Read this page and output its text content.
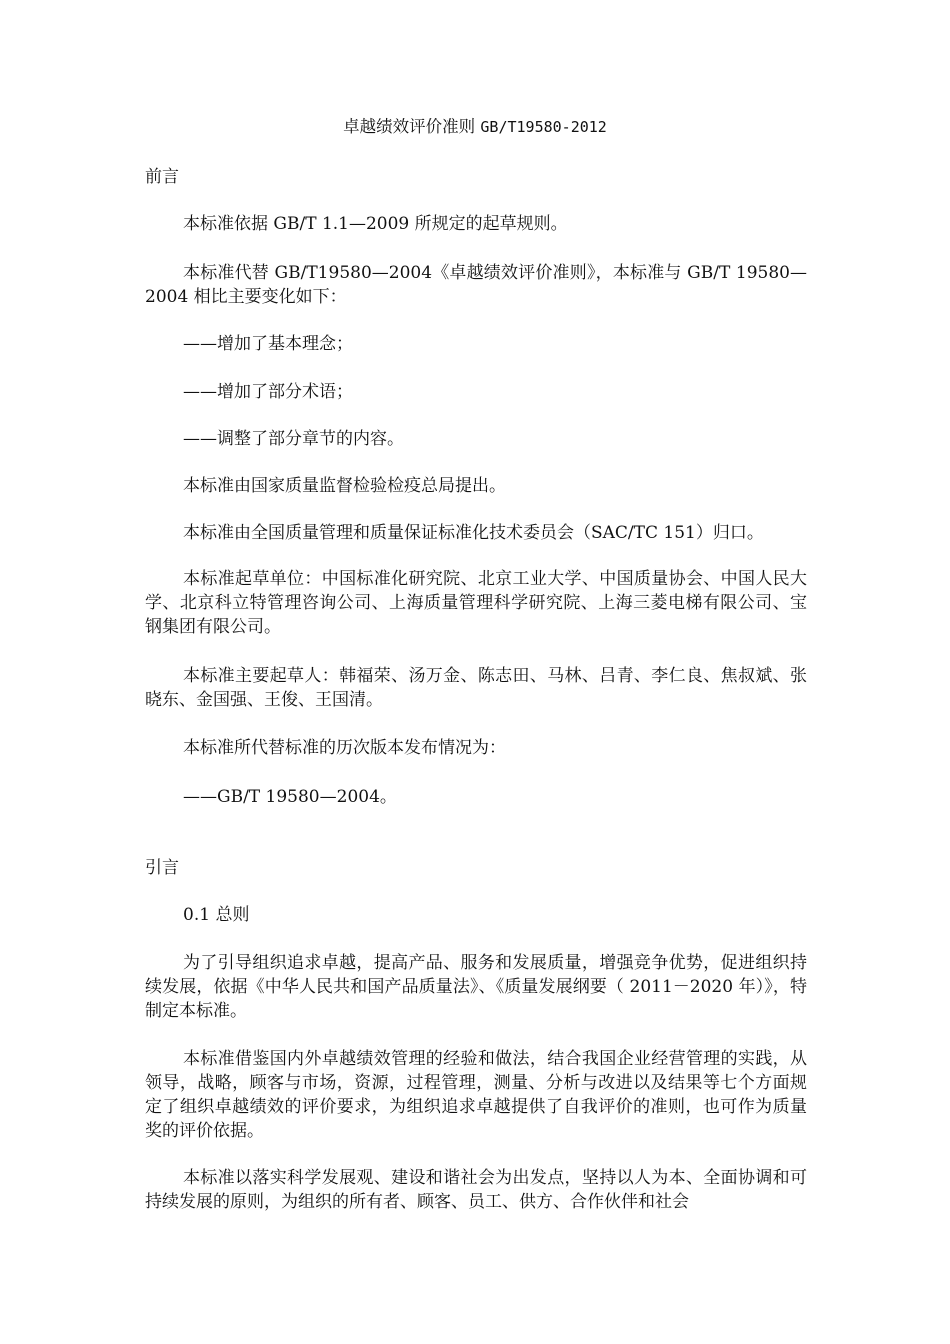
卓越绩效评价准则 GB/T19580-2012
前言

本标准依据 GB/T 1.1—2009 所规定的起草规则。

本标准代替 GB/T19580—2004《卓越绩效评价准则》，本标准与 GB/T 19580—2004 相比主要变化如下：

——增加了基本理念；

——增加了部分术语；

——调整了部分章节的内容。

本标准由国家质量监督检验检疫总局提出。

本标准由全国质量管理和质量保证标准化技术委员会（SAC/TC 151）归口。

本标准起草单位：中国标准化研究院、北京工业大学、中国质量协会、中国人民大学、北京科立特管理咨询公司、上海质量管理科学研究院、上海三菱电梯有限公司、宝钢集团有限公司。

本标准主要起草人：韩福荣、汤万金、陈志田、马林、吕青、李仁良、焦叔斌、张晓东、金国强、王俊、王国清。

本标准所代替标准的历次版本发布情况为：

——GB/T 19580—2004。

引言

0.1 总则

为了引导组织追求卓越，提高产品、服务和发展质量，增强竞争优势，促进组织持续发展，依据《中华人民共和国产品质量法》、《质量发展纲要（ 2011－2020 年）》，特制定本标准。

本标准借鉴国内外卓越绩效管理的经验和做法，结合我国企业经营管理的实践，从领导，战略，顾客与市场，资源，过程管理，测量、分析与改进以及结果等七个方面规定了组织卓越绩效的评价要求，为组织追求卓越提供了自我评价的准则，也可作为质量奖的评价依据。

本标准以落实科学发展观、建设和谐社会为出发点，坚持以人为本、全面协调和可持续发展的原则，为组织的所有者、顾客、员工、供方、合作伙伴和社会
